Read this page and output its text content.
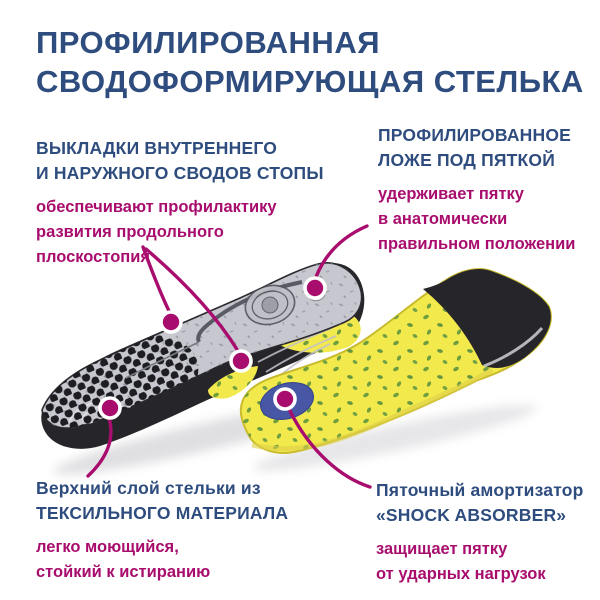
ПРОФИЛИРОВАННАЯ
СВОДОФОРМИРУЮЩАЯ СТЕЛЬКА
ВЫКЛАДКИ ВНУТРЕННЕГО
И НАРУЖНОГО СВОДОВ СТОПЫ
обеспечивают профилактику
развития продольного
плоскостопия
ПРОФИЛИРОВАННОЕ
ЛОЖЕ ПОД ПЯТКОЙ
удерживает пятку
в анатомически
правильном положении
Верхний слой стельки из
ТЕКСИЛЬНОГО МАТЕРИАЛА
легко моющийся,
стойкий к истиранию
Пяточный амортизатор
«SHOCK ABSORBER»
защищает пятку
от ударных нагрузок
